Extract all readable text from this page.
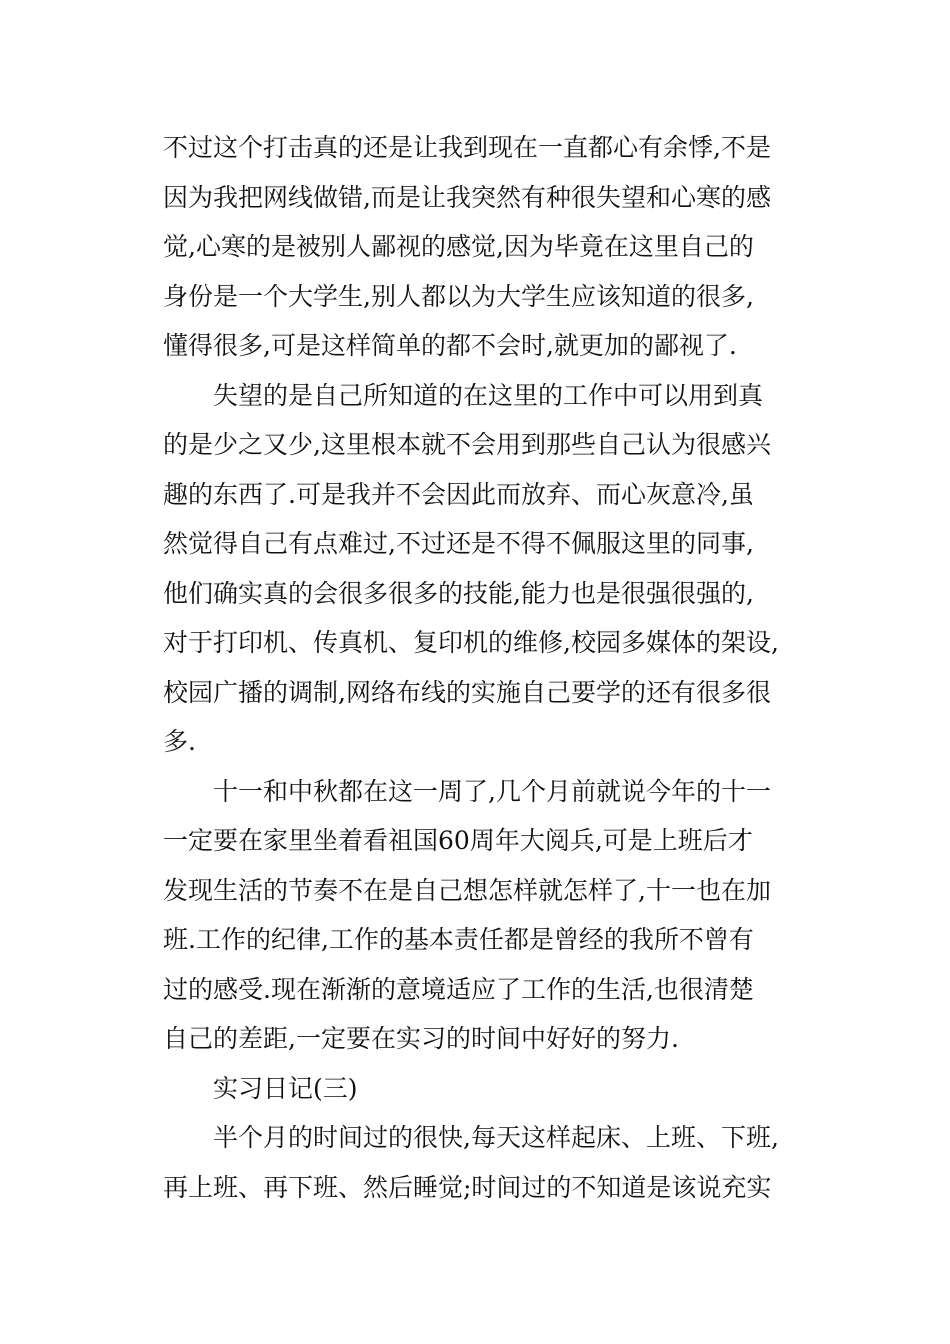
不过这个打击真的还是让我到现在一直都心有余悸,不是
因为我把网线做错,而是让我突然有种很失望和心寒的感
觉,心寒的是被别人鄙视的感觉,因为毕竟在这里自己的
身份是一个大学生,别人都以为大学生应该知道的很多,
懂得很多,可是这样简单的都不会时,就更加的鄙视了.
　　失望的是自己所知道的在这里的工作中可以用到真
的是少之又少,这里根本就不会用到那些自己认为很感兴
趣的东西了.可是我并不会因此而放弃、而心灰意冷,虽
然觉得自己有点难过,不过还是不得不佩服这里的同事,
他们确实真的会很多很多的技能,能力也是很强很强的,
对于打印机、传真机、复印机的维修,校园多媒体的架设,
校园广播的调制,网络布线的实施自己要学的还有很多很
多.
　　十一和中秋都在这一周了,几个月前就说今年的十一
一定要在家里坐着看祖国60周年大阅兵,可是上班后才
发现生活的节奏不在是自己想怎样就怎样了,十一也在加
班.工作的纪律,工作的基本责任都是曾经的我所不曾有
过的感受.现在渐渐的意境适应了工作的生活,也很清楚
自己的差距,一定要在实习的时间中好好的努力.
　　实习日记(三)
　　半个月的时间过的很快,每天这样起床、上班、下班,
再上班、再下班、然后睡觉;时间过的不知道是该说充实
